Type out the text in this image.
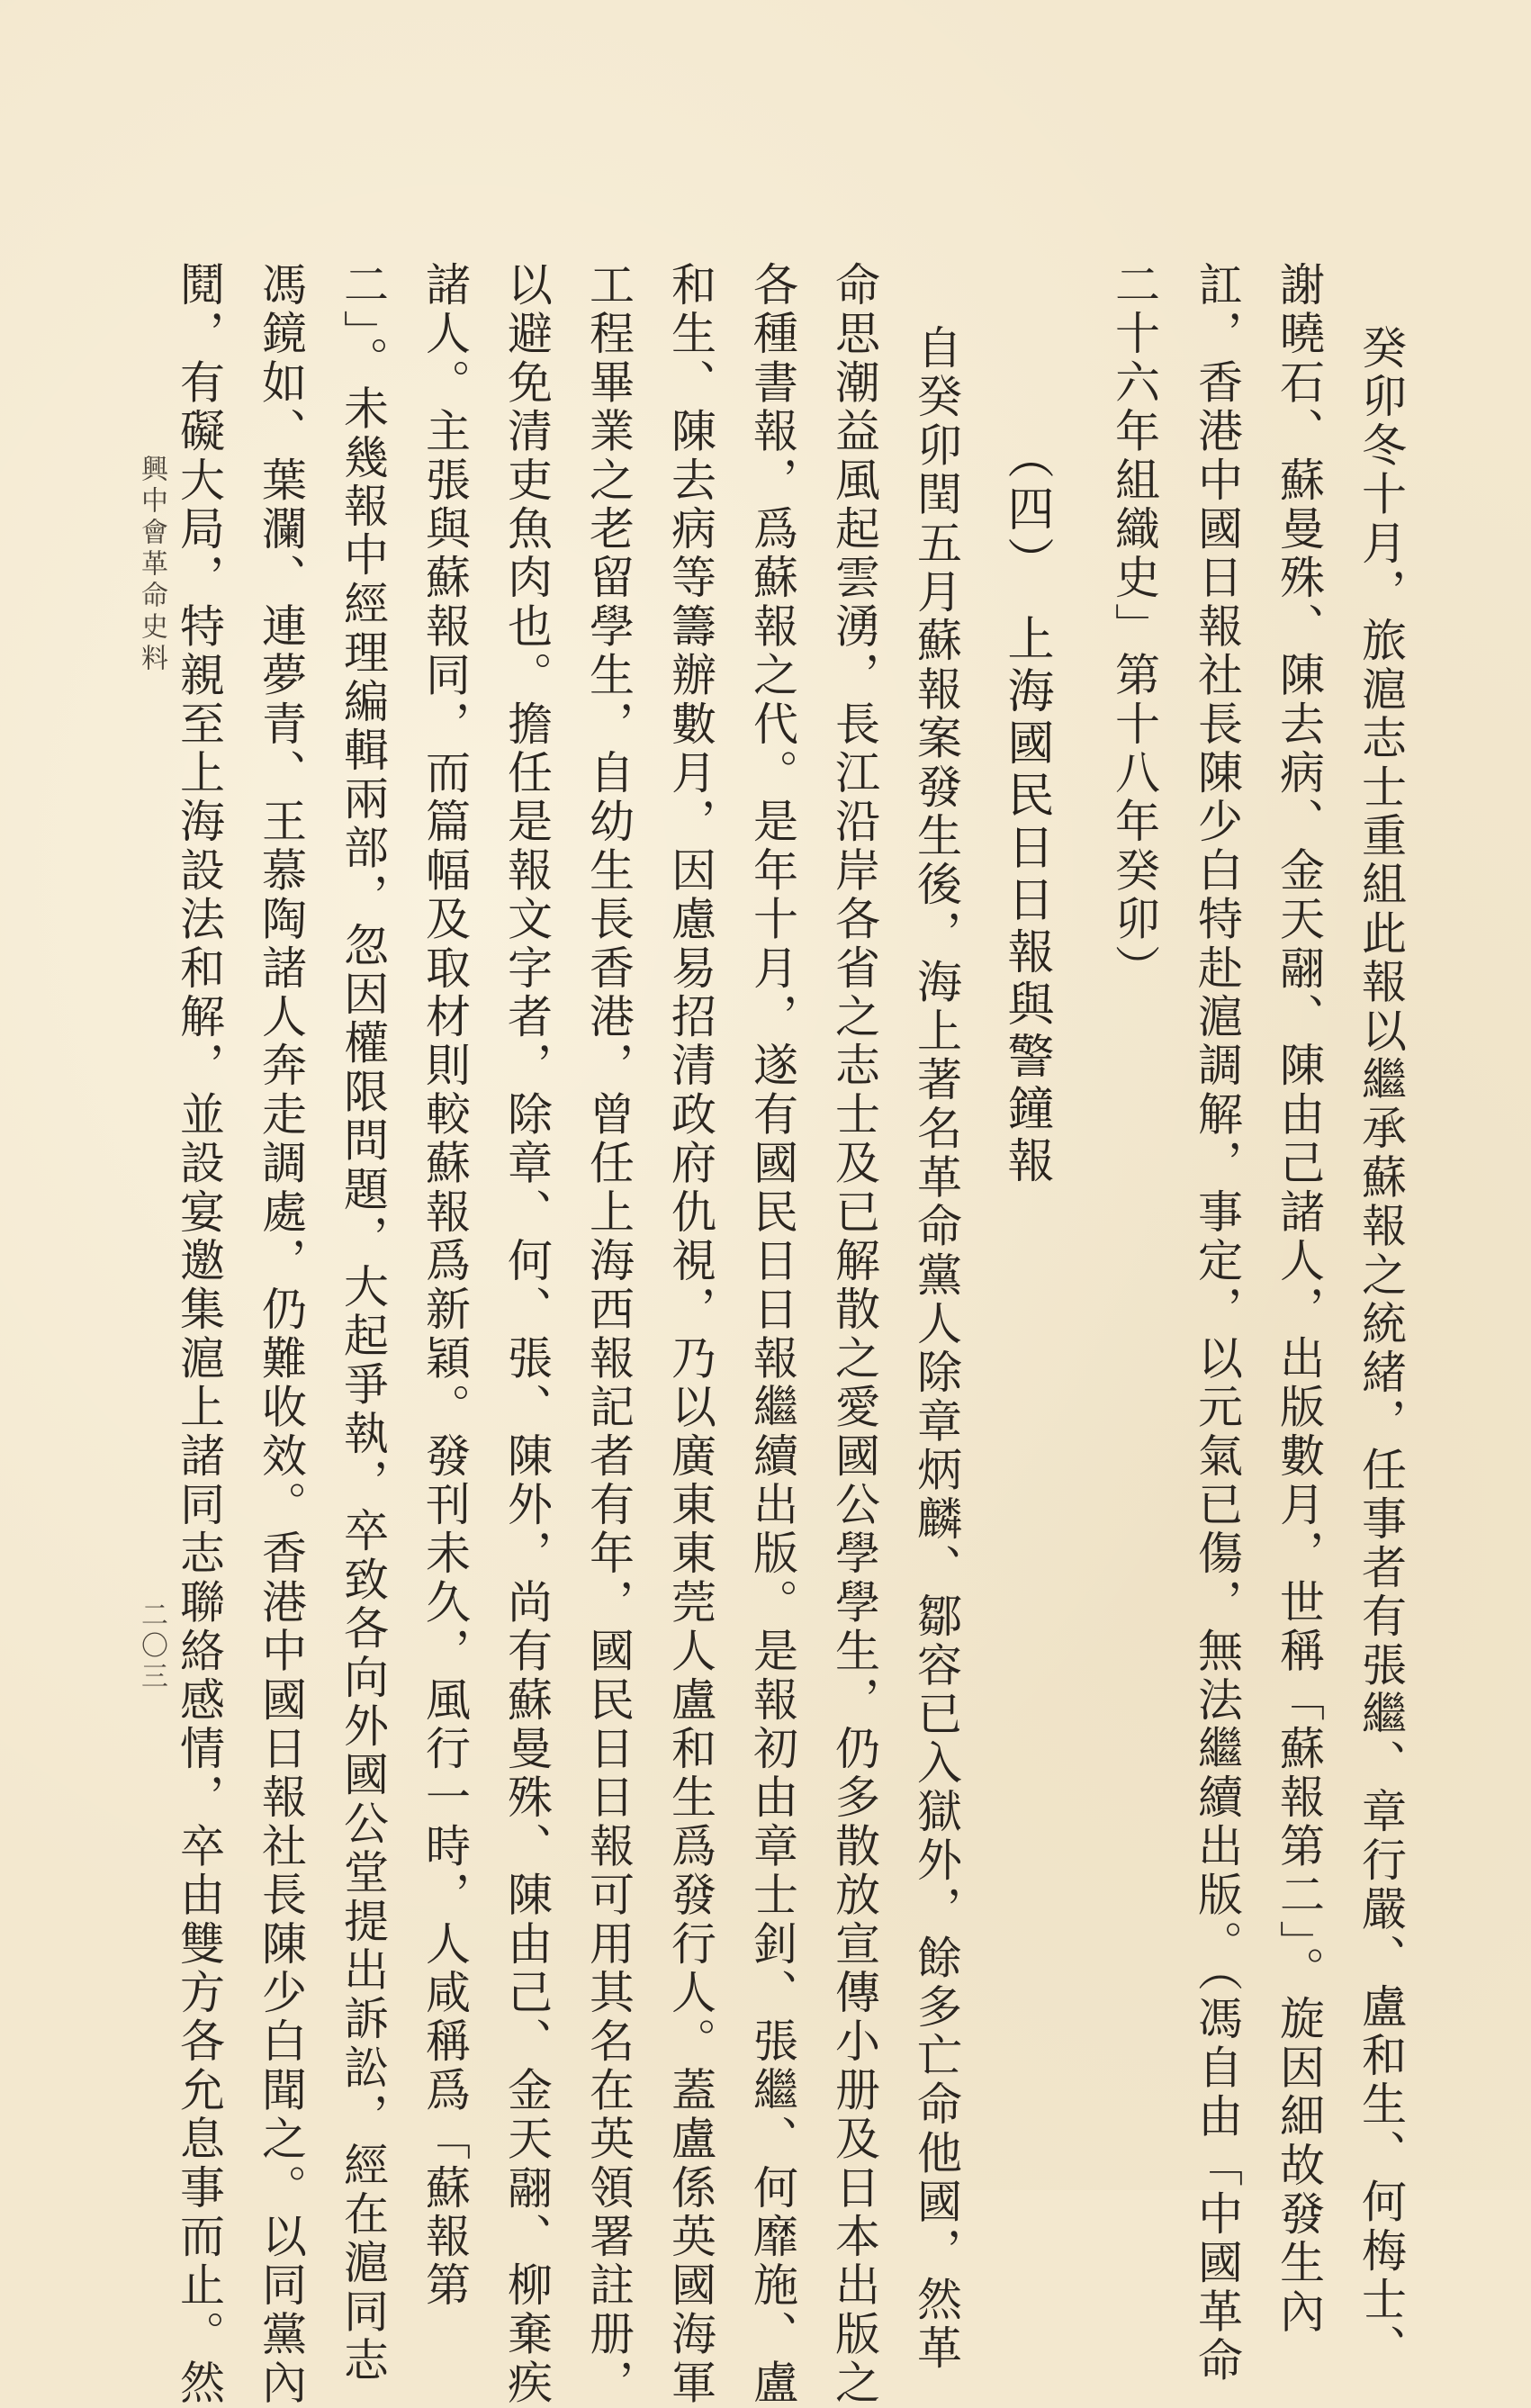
癸卯冬十月，旅滬志士重組此報以繼承蘇報之統緒，任事者有張繼、章行嚴、盧和生、何梅士、
謝曉石、蘇曼殊、陳去病、金天翮、陳由己諸人，出版數月，世稱「蘇報第二」。旋因細故發生內
訌，香港中國日報社長陳少白特赴滬調解，事定，以元氣已傷，無法繼續出版。（馮自由「中國革命
二十六年組織史」第十八年癸卯）
（四）上海國民日日報與警鐘報
自癸卯閏五月蘇報案發生後，海上著名革命黨人除章炳麟、鄒容已入獄外，餘多亡命他國，然革
命思潮益風起雲湧，長江沿岸各省之志士及已解散之愛國公學學生，仍多散放宣傳小册及日本出版之
各種書報，爲蘇報之代。是年十月，遂有國民日日報繼續出版。是報初由章士釗、張繼、何靡施、盧
和生、陳去病等籌辦數月，因慮易招清政府仇視，乃以廣東東莞人盧和生爲發行人。蓋盧係英國海軍
工程畢業之老留學生，自幼生長香港，曾任上海西報記者有年，國民日日報可用其名在英領署註册，
以避免清吏魚肉也。擔任是報文字者，除章、何、張、陳外，尚有蘇曼殊、陳由己、金天翮、柳棄疾
諸人。主張與蘇報同，而篇幅及取材則較蘇報爲新穎。發刊未久，風行一時，人咸稱爲「蘇報第
二」。未幾報中經理編輯兩部，忽因權限問題，大起爭執，卒致各向外國公堂提出訴訟，經在滬同志
馮鏡如、葉瀾、連夢青、王慕陶諸人奔走調處，仍難收效。香港中國日報社長陳少白聞之。以同黨內
鬩，有礙大局，特親至上海設法和解，並設宴邀集滬上諸同志聯絡感情，卒由雙方各允息事而止。然
興中會革命史料
二〇三
